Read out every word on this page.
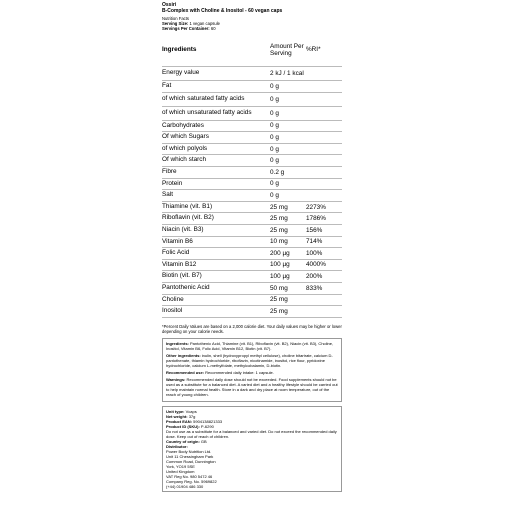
Ossiri

B-Complex with Choline & Inositol - 60 vegan caps

Nutrition Facts

Serving Size: 1 vegan capsule

Servings Per Container: 60

Ingredients	Amount Per Serving	%RI*
Energy value	2 kJ / 1 kcal	
Fat	0 g	
of which saturated fatty acids	0 g	
of which unsaturated fatty acids	0 g	
Carbohydrates	0 g	
Of which Sugars	0 g	
of which polyols	0 g	
Of which starch	0 g	
Fibre	0.2 g	
Protein	0 g	
Salt	0 g	
Thiamine (vit. B1)	25 mg	2273%
Riboflavin (vit. B2)	25 mg	1786%
Niacin (vit. B3)	25 mg	156%
Vitamin B6	10 mg	714%
Folic Acid	200 µg	100%
Vitamin B12	100 µg	4000%
Biotin (vit. B7)	100 µg	200%
Pantothenic Acid	50 mg	833%
Choline	25 mg	
Inositol	25 mg	

*Percent Daily Values are based on a 2,000 calorie diet. Your daily values may be higher or lower depending on your calorie needs.

Ingredients: Pantothenic Acid, Thiamine (vit. B1), Riboflavin (vit. B2), Niacin (vit. B3), Choline, Inositol, Vitamin B6, Folic Acid, Vitamin B12, Biotin (vit. B7).

Other ingredients: inulin, shell (hydroxypropyl methyl cellulose), choline bitartrate, calcium D-pantothenate, thiamin hydrochloride, riboflavin, nicotinamide, inositol, rice flour, pyridoxine hydrochloride, calcium L-methylfolate, methylcobalamin, D-biotin.

Recommended use: Recommended daily intake: 1 capsule.

Warnings: Recommended daily dose should not be exceeded. Food supplements should not be used as a substitute for a balanced diet. A varied diet and a healthy lifestyle should be carried out to help maintain normal health. Store in a dark and dry place at room temperature, out of the reach of young children.

Unit type: Vcaps
Net weight: 37g
Product EAN: 5904138821333
Product ID (SKU): P-6290

Do not use as a substitute for a balanced and varied diet. Do not exceed the recommended daily dose. Keep out of reach of children.

Country of origin: GB
Distributor:
Power Body Nutrition Ltd.
Unit 11 Chessingham Park
Common Road, Dunnington
York, YO19 5SE
United Kingdom
VAT Reg No. 980 5472 46
Company Reg. No. 5969822
(+44) 01904 486 330
